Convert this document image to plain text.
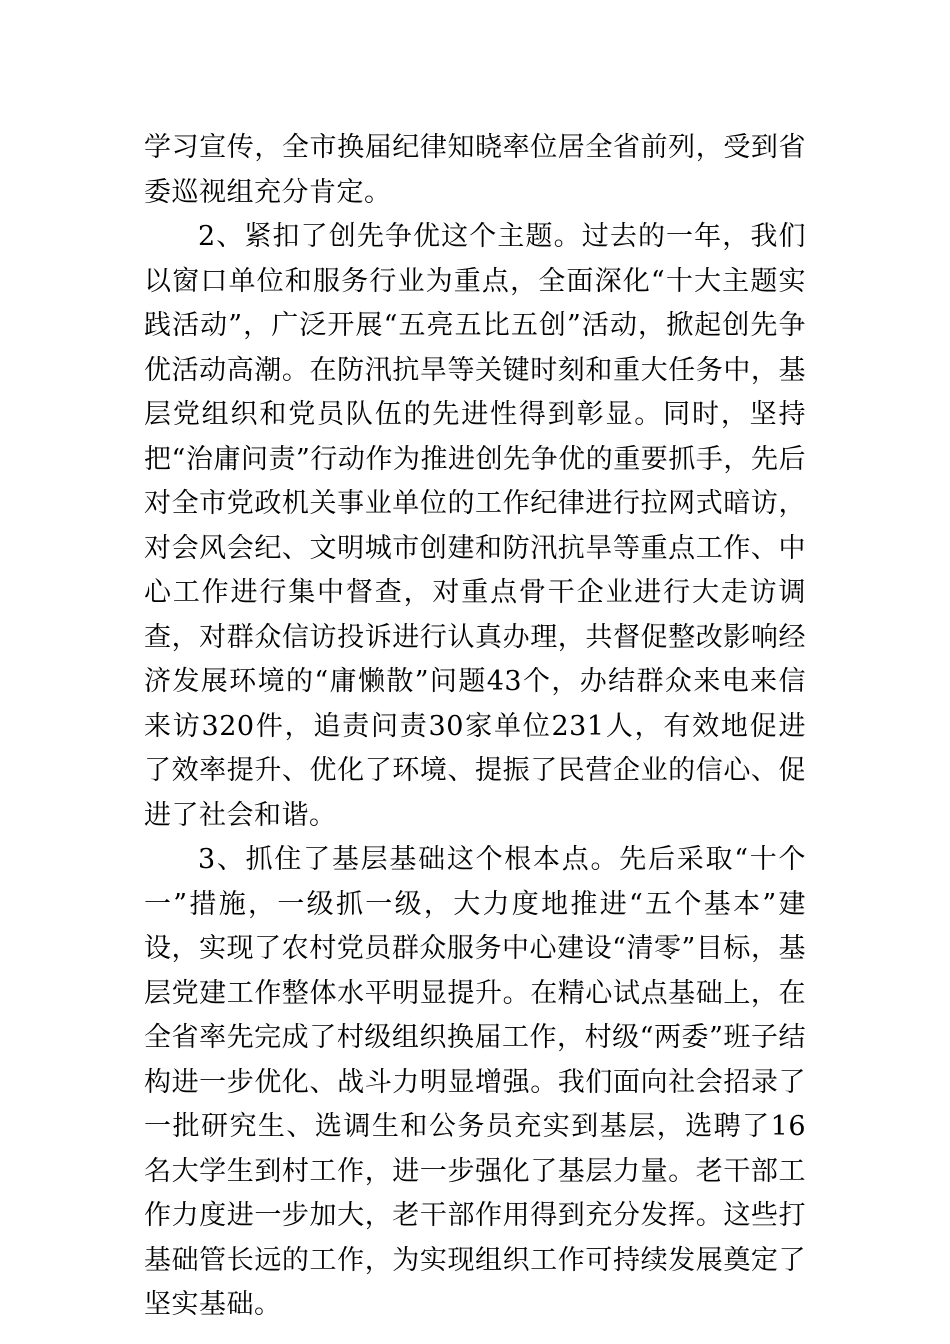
学习宣传，全市换届纪律知晓率位居全省前列，受到省委巡视组充分肯定。

2、紧扣了创先争优这个主题。过去的一年，我们以窗口单位和服务行业为重点，全面深化“十大主题实践活动”，广泛开展“五亮五比五创”活动，掀起创先争优活动高潮。在防汛抗旱等关键时刻和重大任务中，基层党组织和党员队伍的先进性得到彰显。同时，坚持把“治庸问责”行动作为推进创先争优的重要抓手，先后对全市党政机关事业单位的工作纪律进行拉网式暗访，对会风会纪、文明城市创建和防汛抗旱等重点工作、中心工作进行集中督查，对重点骨干企业进行大走访调查，对群众信访投诉进行认真办理，共督促整改影响经济发展环境的“庸懒散”问题43个，办结群众来电来信来访320件，追责问责30家单位231人，有效地促进了效率提升、优化了环境、提振了民营企业的信心、促进了社会和谐。

3、抓住了基层基础这个根本点。先后采取“十个一”措施，一级抓一级，大力度地推进“五个基本”建设，实现了农村党员群众服务中心建设“清零”目标，基层党建工作整体水平明显提升。在精心试点基础上，在全省率先完成了村级组织换届工作，村级“两委”班子结构进一步优化、战斗力明显增强。我们面向社会招录了一批研究生、选调生和公务员充实到基层，选聘了16名大学生到村工作，进一步强化了基层力量。老干部工作力度进一步加大，老干部作用得到充分发挥。这些打基础管长远的工作，为实现组织工作可持续发展奠定了坚实基础。
